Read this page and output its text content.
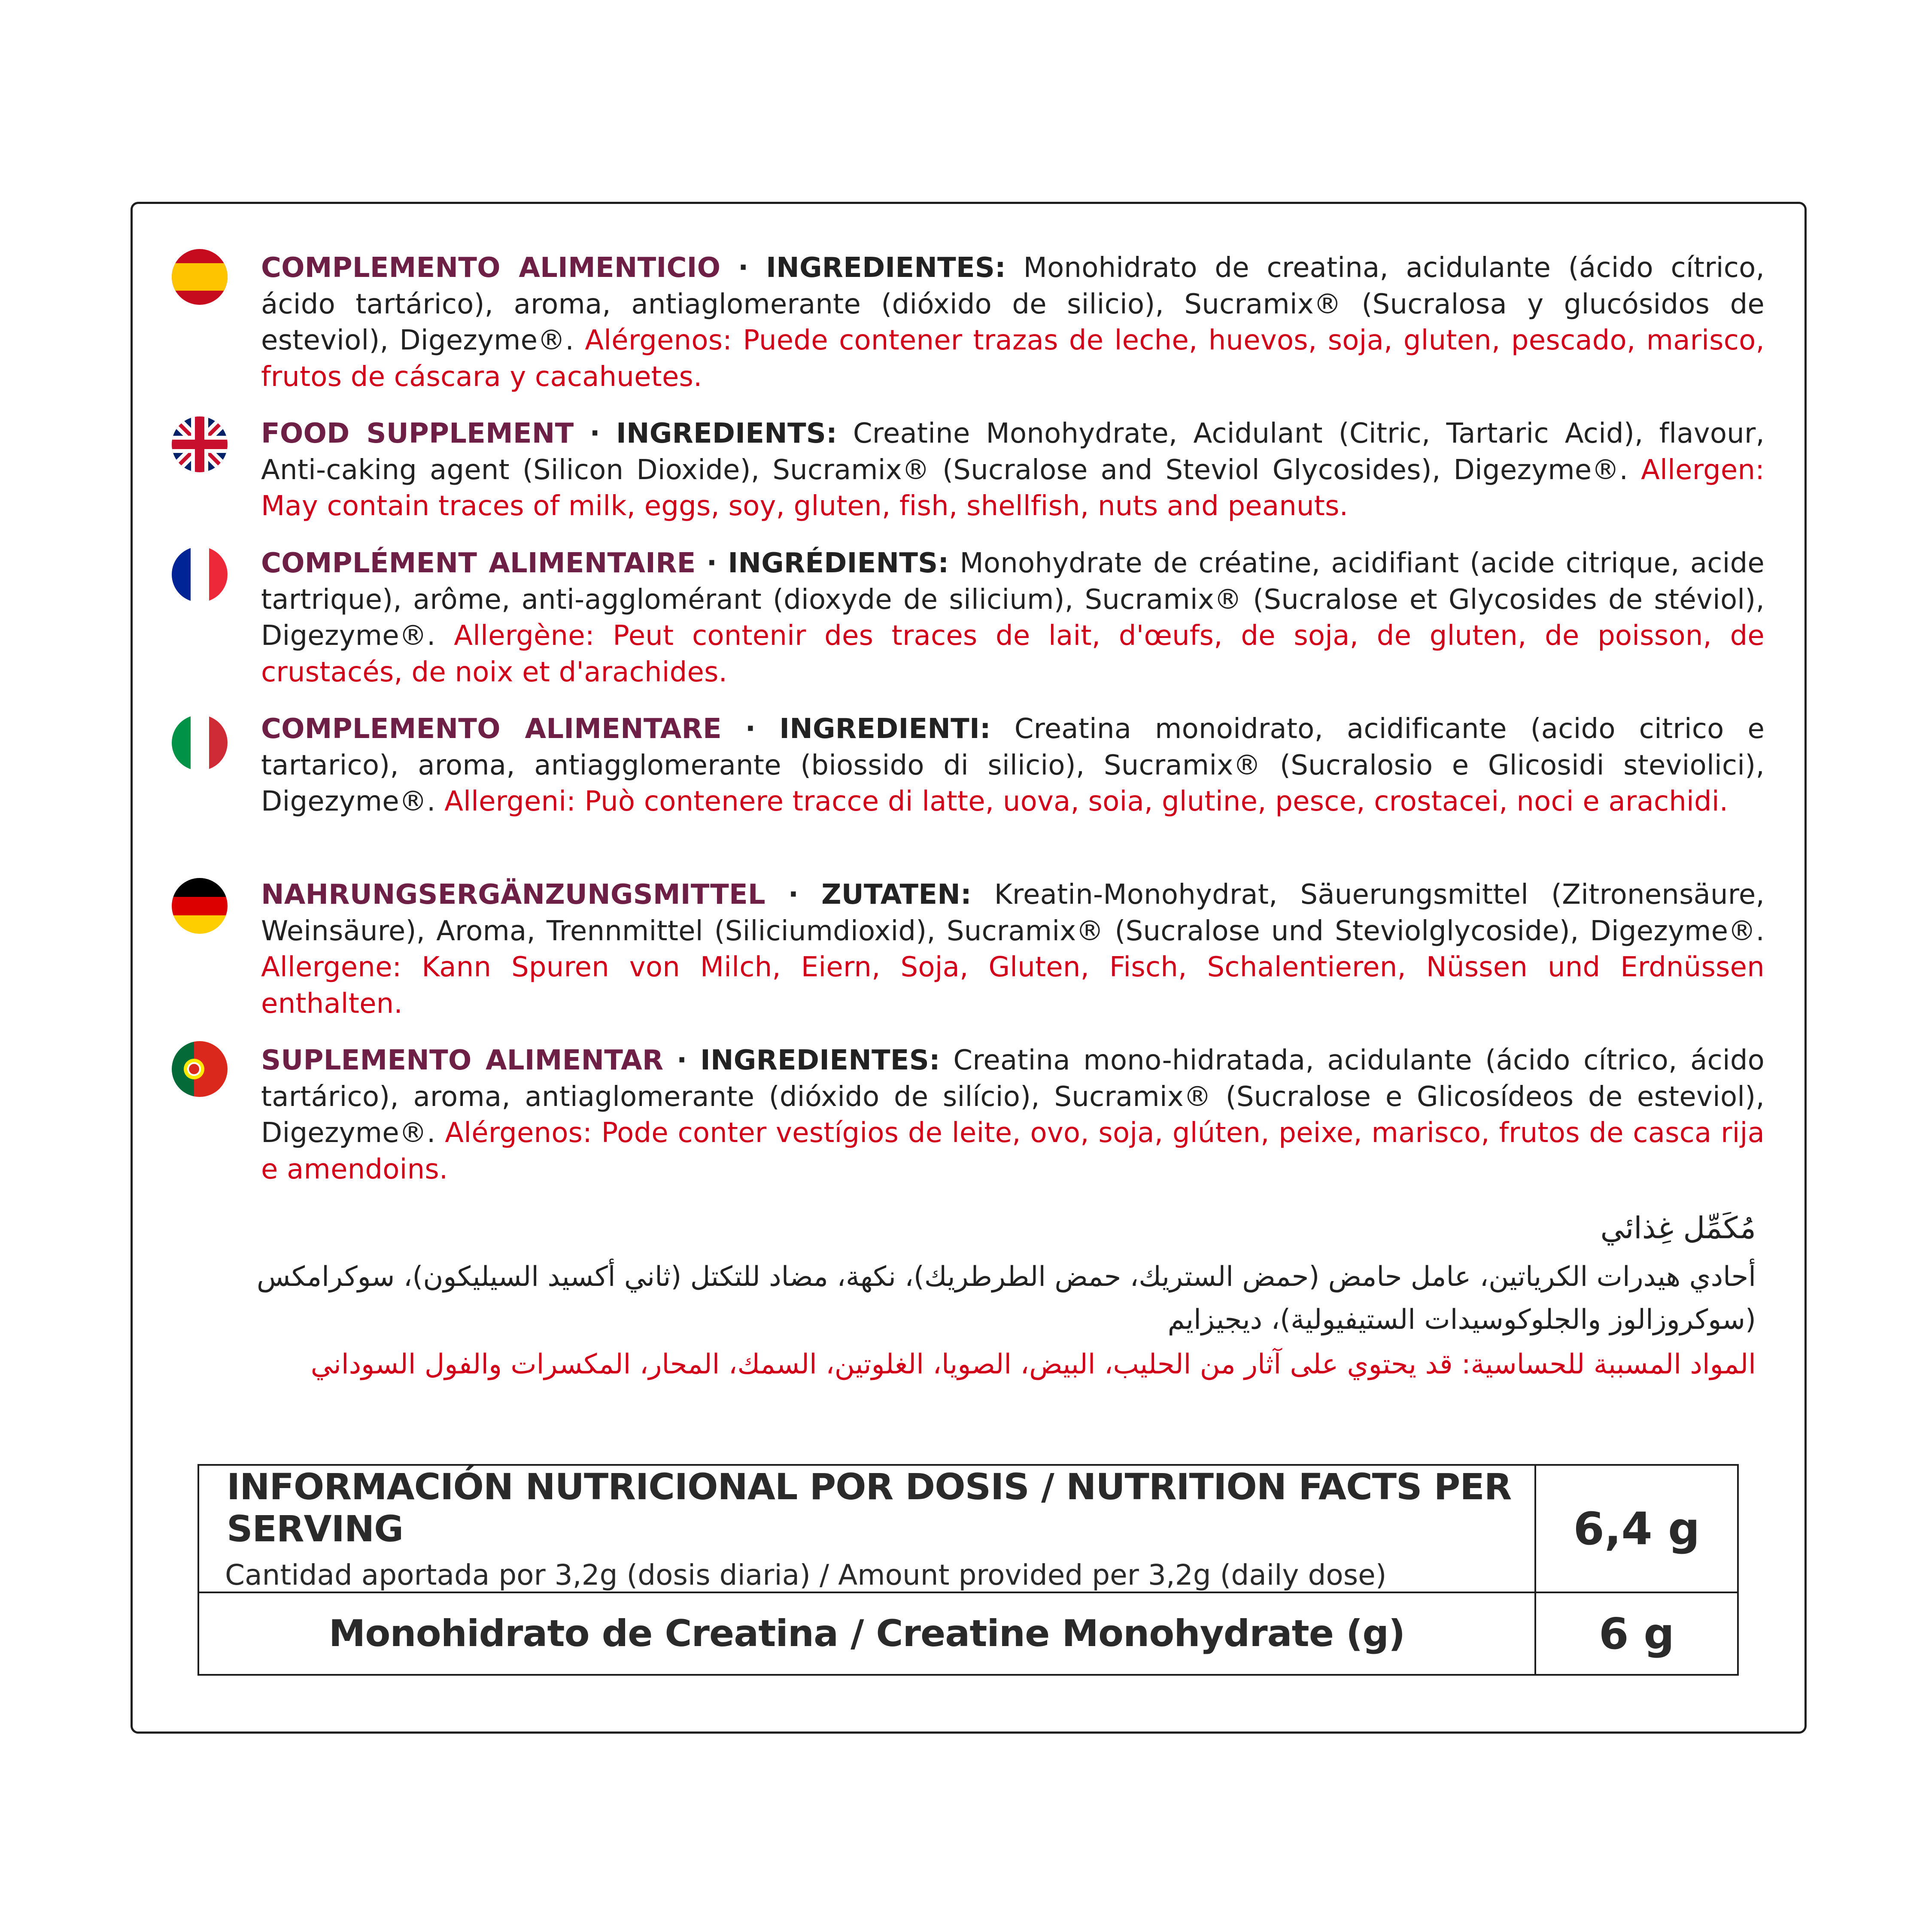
COMPLEMENTO ALIMENTICIO · INGREDIENTES: Monohidrato de creatina, acidulante (ácido cítrico, ácido tartárico), aroma, antiaglomerante (dióxido de silicio), Sucramix® (Sucralosa y glucósidos de esteviol), Digezyme®. Alérgenos: Puede contener trazas de leche, huevos, soja, gluten, pescado, marisco, frutos de cáscara y cacahuetes.
FOOD SUPPLEMENT · INGREDIENTS: Creatine Monohydrate, Acidulant (Citric, Tartaric Acid), flavour, Anti-caking agent (Silicon Dioxide), Sucramix® (Sucralose and Steviol Glycosides), Digezyme®. Allergen: May contain traces of milk, eggs, soy, gluten, fish, shellfish, nuts and peanuts.
COMPLÉMENT ALIMENTAIRE · INGRÉDIENTS: Monohydrate de créatine, acidifiant (acide citrique, acide tartrique), arôme, anti-agglomérant (dioxyde de silicium), Sucramix® (Sucralose et Glycosides de stéviol), Digezyme®. Allergène: Peut contenir des traces de lait, d'œufs, de soja, de gluten, de poisson, de crustacés, de noix et d'arachides.
COMPLEMENTO ALIMENTARE · INGREDIENTI: Creatina monoidrato, acidificante (acido citrico e tartarico), aroma, antiagglomerante (biossido di silicio), Sucramix® (Sucralosio e Glicosidi steviolici), Digezyme®. Allergeni: Può contenere tracce di latte, uova, soia, glutine, pesce, crostacei, noci e arachidi.
NAHRUNGSERGÄNZUNGSMITTEL · ZUTATEN: Kreatin-Monohydrat, Säuerungsmittel (Zitronensäure, Weinsäure), Aroma, Trennmittel (Siliciumdioxid), Sucramix® (Sucralose und Steviolglycoside), Digezyme®. Allergene: Kann Spuren von Milch, Eiern, Soja, Gluten, Fisch, Schalentieren, Nüssen und Erdnüssen enthalten.
SUPLEMENTO ALIMENTAR · INGREDIENTES: Creatina mono-hidratada, acidulante (ácido cítrico, ácido tartárico), aroma, antiaglomerante (dióxido de silício), Sucramix® (Sucralose e Glicosídeos de esteviol), Digezyme®. Alérgenos: Pode conter vestígios de leite, ovo, soja, glúten, peixe, marisco, frutos de casca rija e amendoins.
مُكَمِّل غِذائي
أحادي هيدرات الكرياتين، عامل حامض (حمض الستريك، حمض الطرطريك)، نكهة، مضاد للتكتل (ثاني أكسيد السيليكون)، سوكرامكس (سوكروزالوز والجلوكوسيدات الستيفيولية)، ديجيزايم
المواد المسببة للحساسية: قد يحتوي على آثار من الحليب، البيض، الصويا، الغلوتين، السمك، المحار، المكسرات والفول السوداني
INFORMACIÓN NUTRICIONAL POR DOSIS / NUTRITION FACTS PER SERVING
Cantidad aportada por 3,2g (dosis diaria) / Amount provided per 3,2g (daily dose)	6,4 g
Monohidrato de Creatina / Creatine Monohydrate (g)	6 g
